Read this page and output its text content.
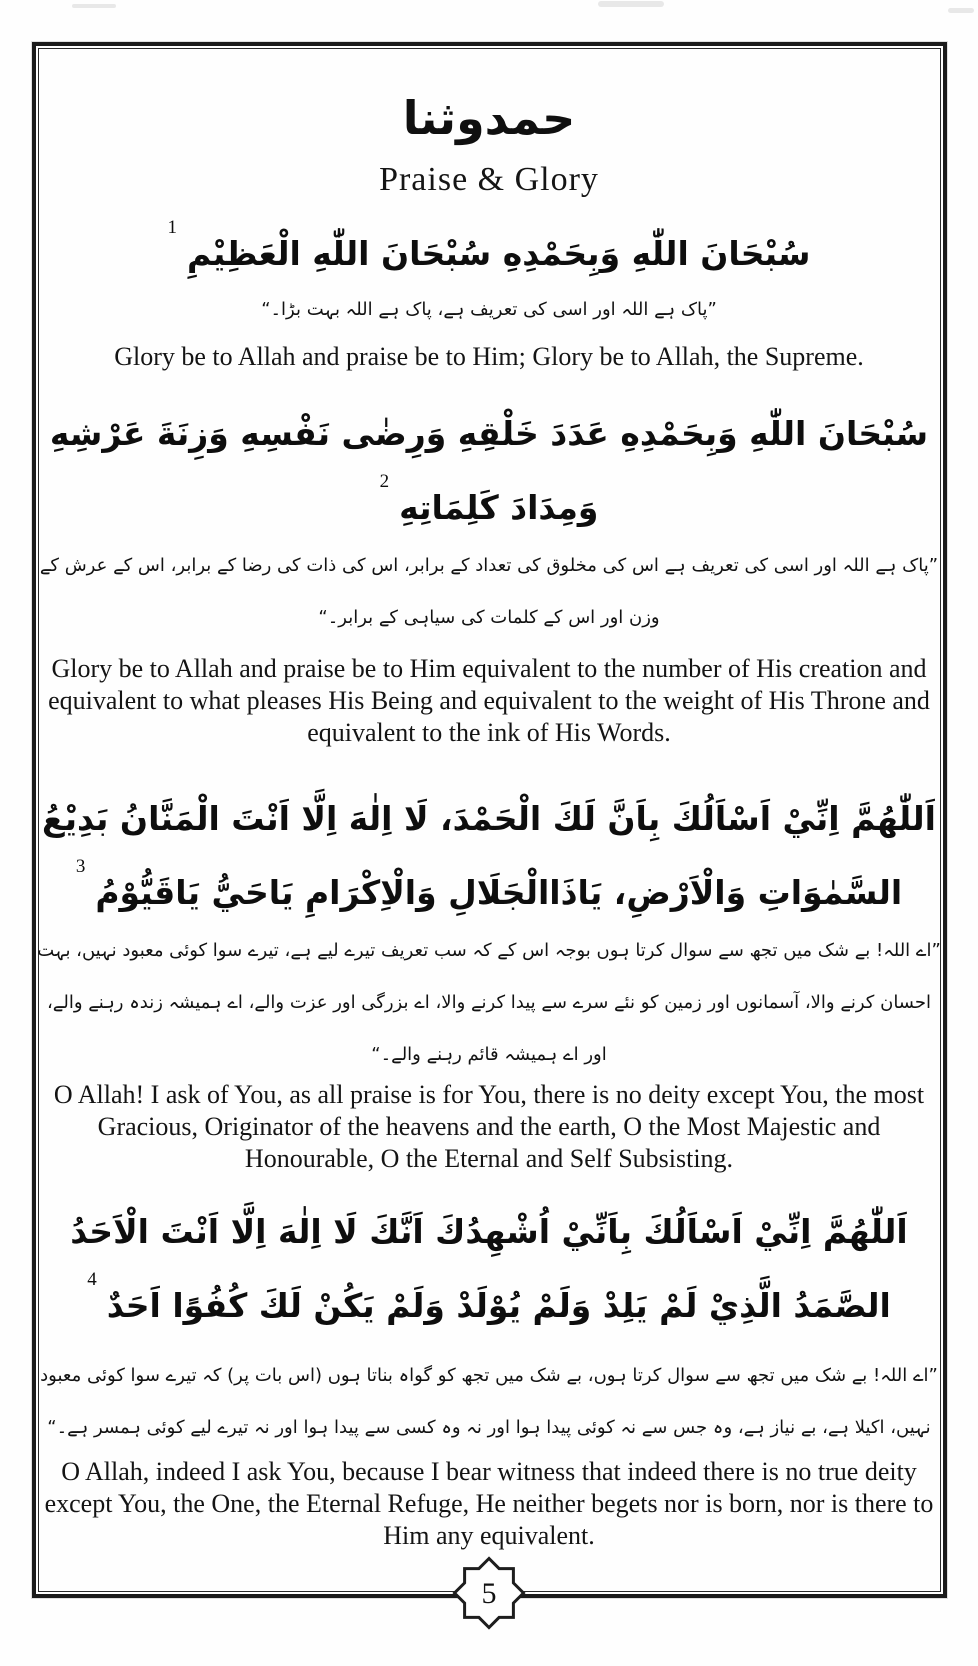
حمدوثنا
Praise & Glory
1
سُبْحَانَ اللّٰهِ وَبِحَمْدِهِ سُبْحَانَ اللّٰهِ الْعَظِيْمِ
”پاک ہے اللہ اور اسی کی تعریف ہے، پاک ہے اللہ بہت بڑا۔“
Glory be to Allah and praise be to Him; Glory be to Allah, the Supreme.
سُبْحَانَ اللّٰهِ وَبِحَمْدِهِ عَدَدَ خَلْقِهِ وَرِضٰى نَفْسِهِ وَزِنَةَ عَرْشِهِ
2
وَمِدَادَ كَلِمَاتِهِ
”پاک ہے اللہ اور اسی کی تعریف ہے اس کی مخلوق کی تعداد کے برابر، اس کی ذات کی رضا کے برابر، اس کے عرش کے وزن اور اس کے کلمات کی سیاہی کے برابر۔“
Glory be to Allah and praise be to Him equivalent to the number of His creation and equivalent to what pleases His Being and equivalent to the weight of His Throne and equivalent to the ink of His Words.
اَللّٰهُمَّ اِنِّيْ اَسْاَلُكَ بِاَنَّ لَكَ الْحَمْدَ، لَا اِلٰهَ اِلَّا اَنْتَ الْمَنَّانُ بَدِيْعُ
3
السَّمٰوَاتِ وَالْاَرْضِ، يَاذَاالْجَلَالِ وَالْاِكْرَامِ يَاحَيُّ يَاقَيُّوْمُ
”اے اللہ! بے شک میں تجھ سے سوال کرتا ہوں بوجہ اس کے کہ سب تعریف تیرے لیے ہے، تیرے سوا کوئی معبود نہیں، بہت احسان کرنے والا، آسمانوں اور زمین کو نئے سرے سے پیدا کرنے والا، اے بزرگی اور عزت والے، اے ہمیشہ زندہ رہنے والے، اور اے ہمیشہ قائم رہنے والے۔“
O Allah! I ask of You, as all praise is for You, there is no deity except You, the most Gracious, Originator of the heavens and the earth, O the Most Majestic and Honourable, O the Eternal and Self Subsisting.
اَللّٰهُمَّ اِنِّيْ اَسْاَلُكَ بِاَنِّيْ اُشْهِدُكَ اَنَّكَ لَا اِلٰهَ اِلَّا اَنْتَ الْاَحَدُ
4
الصَّمَدُ الَّذِيْ لَمْ يَلِدْ وَلَمْ يُوْلَدْ وَلَمْ يَكُنْ لَكَ كُفُوًا اَحَدٌ
”اے اللہ! بے شک میں تجھ سے سوال کرتا ہوں، بے شک میں تجھ کو گواہ بناتا ہوں (اس بات پر) کہ تیرے سوا کوئی معبود نہیں، اکیلا ہے، بے نیاز ہے، وہ جس سے نہ کوئی پیدا ہوا اور نہ وہ کسی سے پیدا ہوا اور نہ تیرے لیے کوئی ہمسر ہے۔“
O Allah, indeed I ask You, because I bear witness that indeed there is no true deity except You, the One, the Eternal Refuge, He neither begets nor is born, nor is there to Him any equivalent.
5
